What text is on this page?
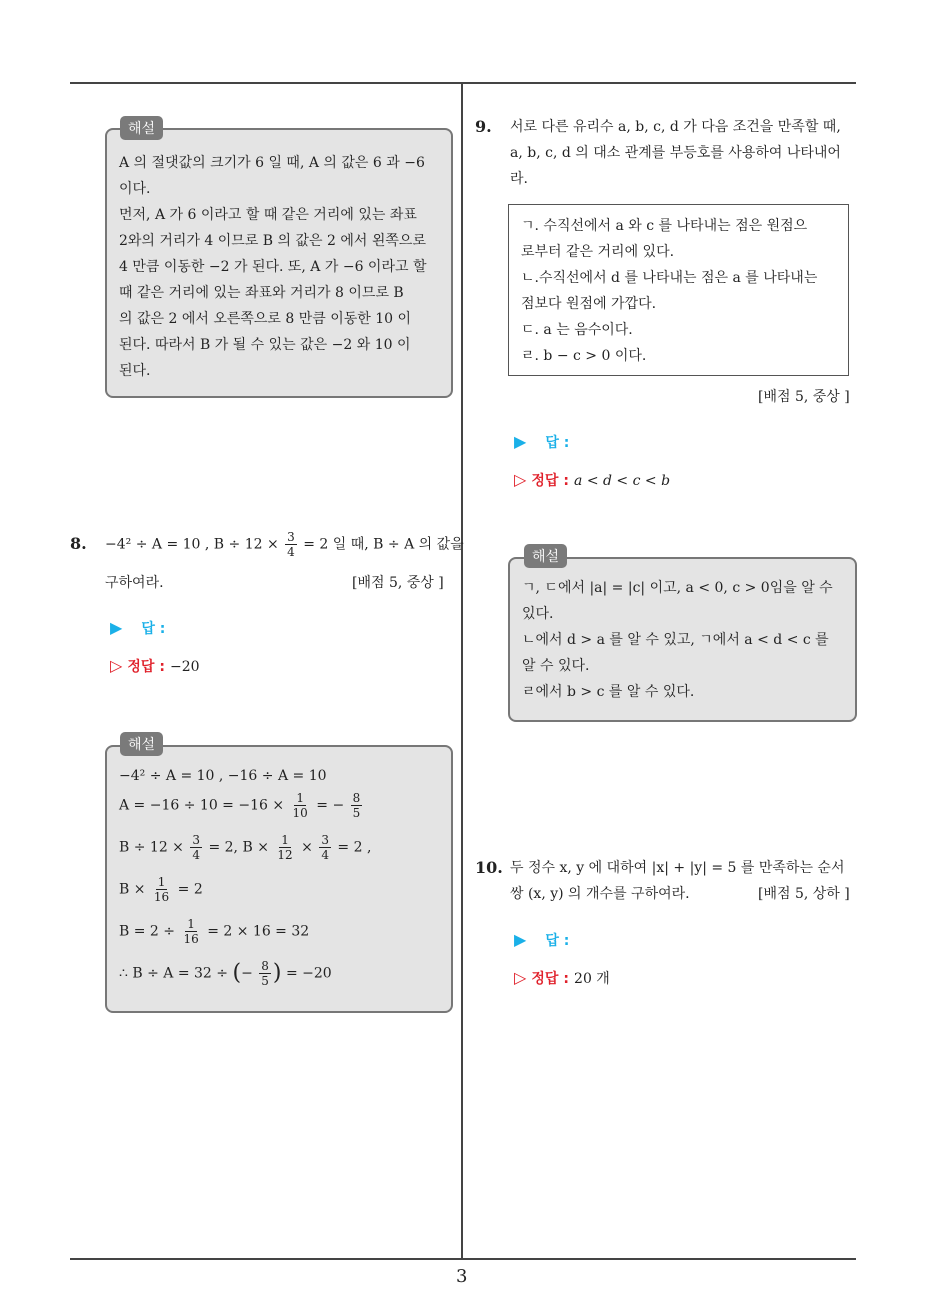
A 의 절댓값의 크기가 6 일 때, A 의 값은 6 과 −6
이다.
먼저, A 가 6 이라고 할 때 같은 거리에 있는 좌표
2와의 거리가 4 이므로 B 의 값은 2 에서 왼쪽으로
4 만큼 이동한 −2 가 된다. 또, A 가 −6 이라고 할
때 같은 거리에 있는 좌표와 거리가 8 이므로 B
의 값은 2 에서 오른쪽으로 8 만큼 이동한 10 이
된다. 따라서 B 가 될 수 있는 값은 −2 와 10 이
된다.
해설
8. −4² ÷ A = 10 , $B \div 12 \times \frac{3}{4} = 2$ 일 때, B ÷ A 의 값을
구하여라.	[배점 5, 중상 ]
▶ 답 :
▷ 정답 : −20
−4² ÷ A = 10 , −16 ÷ A = 10
$A = -16 \div 10 = -16 \times \frac{1}{10}$ = − $\frac{8}{5}$
$B \div 12 \times \frac{3}{4} = 2$, $B \times \frac{1}{12} \times \frac{3}{4} = 2$ ,
$B \times \frac{1}{16} = 2$
$B = 2 \div \frac{1}{16} = 2 \times 16 = 32$
∴ B ÷ A = 32 ÷ (− $\frac{8}{5}$ ) = −20
해설
9. 서로 다른 유리수 a, b, c, d 가 다음 조건을 만족할 때,
a, b, c, d 의 대소 관계를 부등호를 사용하여 나타내어
라.
ㄱ. 수직선에서 a 와 c 를 나타내는 점은 원점으
로부터 같은 거리에 있다.
ㄴ.수직선에서 d 를 나타내는 점은 a 를 나타내는
점보다 원점에 가깝다.
ㄷ. a 는 음수이다.
ㄹ. b − c > 0 이다.
[배점 5, 중상 ]
▶ 답 :
▷ 정답 : a < d < c < b
ㄱ, ㄷ에서 |a| = |c| 이고, a < 0, c > 0임을 알 수
있다.
ㄴ에서 d > a 를 알 수 있고, ㄱ에서 a < d < c 를
알 수 있다.
ㄹ에서 b > c 를 알 수 있다.
해설
10. 두 정수 x, y 에 대하여 |x| + |y| = 5 를 만족하는 순서
쌍 (x, y) 의 개수를 구하여라.	[배점 5, 상하 ]
▶ 답 :
▷ 정답 : 20 개
3
